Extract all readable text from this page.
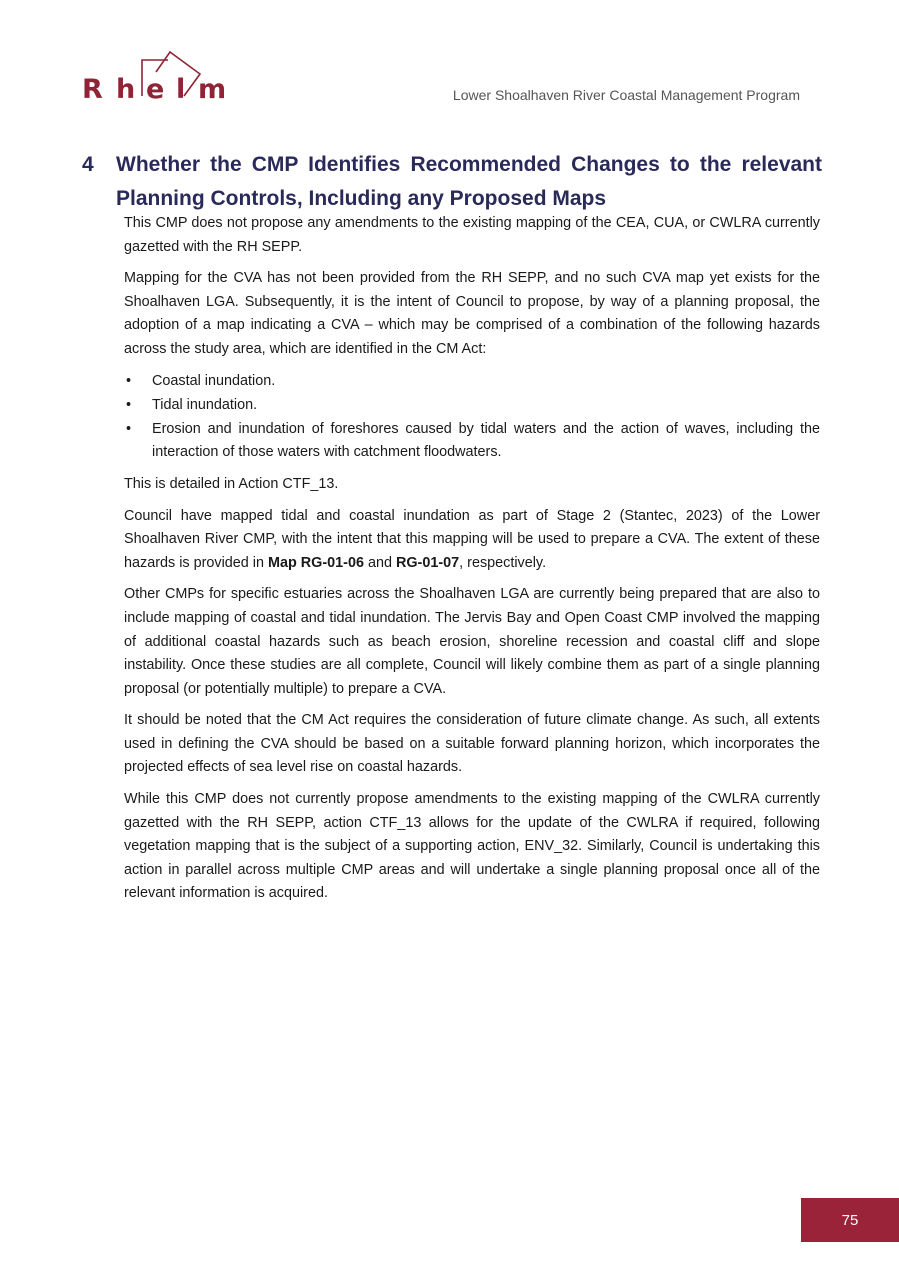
R h e l m	Lower Shoalhaven River Coastal Management Program
4	Whether the CMP Identifies Recommended Changes to the relevant Planning Controls, Including any Proposed Maps

This CMP does not propose any amendments to the existing mapping of the CEA, CUA, or CWLRA currently gazetted with the RH SEPP.

Mapping for the CVA has not been provided from the RH SEPP, and no such CVA map yet exists for the Shoalhaven LGA. Subsequently, it is the intent of Council to propose, by way of a planning proposal, the adoption of a map indicating a CVA – which may be comprised of a combination of the following hazards across the study area, which are identified in the CM Act:

• Coastal inundation.
• Tidal inundation.
• Erosion and inundation of foreshores caused by tidal waters and the action of waves, including the interaction of those waters with catchment floodwaters.

This is detailed in Action CTF_13.

Council have mapped tidal and coastal inundation as part of Stage 2 (Stantec, 2023) of the Lower Shoalhaven River CMP, with the intent that this mapping will be used to prepare a CVA. The extent of these hazards is provided in Map RG-01-06 and RG-01-07, respectively.

Other CMPs for specific estuaries across the Shoalhaven LGA are currently being prepared that are also to include mapping of coastal and tidal inundation. The Jervis Bay and Open Coast CMP involved the mapping of additional coastal hazards such as beach erosion, shoreline recession and coastal cliff and slope instability. Once these studies are all complete, Council will likely combine them as part of a single planning proposal (or potentially multiple) to prepare a CVA.

It should be noted that the CM Act requires the consideration of future climate change. As such, all extents used in defining the CVA should be based on a suitable forward planning horizon, which incorporates the projected effects of sea level rise on coastal hazards.

While this CMP does not currently propose amendments to the existing mapping of the CWLRA currently gazetted with the RH SEPP, action CTF_13 allows for the update of the CWLRA if required, following vegetation mapping that is the subject of a supporting action, ENV_32. Similarly, Council is undertaking this action in parallel across multiple CMP areas and will undertake a single planning proposal once all of the relevant information is acquired.

75
